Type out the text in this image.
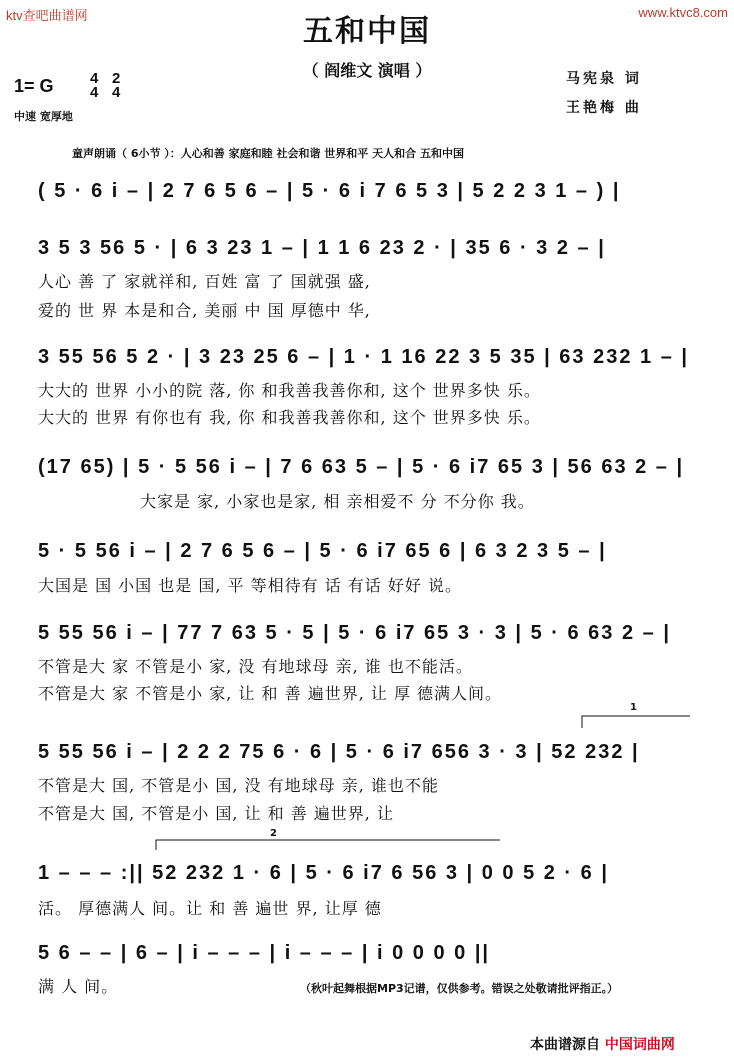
ktv查吧曲谱网	www.ktvc8.com
五和中国
（ 阎维文 演唱 ）
1= G 4
4
2
4
中速 宽厚地
马宪泉 词
王艳梅 曲
童声朗诵（ 6小节 ）：人心和善 家庭和睦 社会和谐 世界和平 天人和合 五和中国
( 5 · 6 i – | 2 7 6 5 6 – | 5 · 6 i 7 6 5 3 | 5 2 2 3 1 – ) |
3 5 3 56 5 · | 6 3 23 1 – | 1 1 6 23 2 · | 35 6 · 3 2 – |
人心 善 了 家就祥和, 百姓 富 了 国就强 盛,
爱的 世 界 本是和合, 美丽 中 国 厚德中 华,
3 55 56 5 2 · | 3 23 25 6 – | 1 · 1 16 22 3 5 35 | 63 232 1 – |
大大的 世界 小小的院 落, 你 和我善我善你和, 这个 世界多快 乐。
大大的 世界 有你也有 我, 你 和我善我善你和, 这个 世界多快 乐。
(17 65) | 5 · 5 56 i – | 7 6 63 5 – | 5 · 6 i7 65 3 | 56 63 2 – |
大家是 家, 小家也是家, 相 亲相爱不 分 不分你 我。
5 · 5 56 i – | 2 7 6 5 6 – | 5 · 6 i7 65 6 | 6 3 2 3 5 – |
大国是 国 小国 也是 国, 平 等相待有 话 有话 好好 说。
5 55 56 i – | 77 7 63 5 · 5 | 5 · 6 i7 65 3 · 3 | 5 · 6 63 2 – |
不管是大 家 不管是小 家, 没 有地球母 亲, 谁 也不能活。
不管是大 家 不管是小 家, 让 和 善 遍世界, 让 厚 德满人间。
5 55 56 i – | 2 2 2 75 6 · 6 | 5 · 6 i7 656 3 · 3 | 52 232 |
不管是大 国, 不管是小 国, 没 有地球母 亲, 谁也不能
不管是大 国, 不管是小 国, 让 和 善 遍世界, 让
1 – – – :|| 52 232 1 · 6 | 5 · 6 i7 6 56 3 | 0 0 5 2 · 6 |
活。 厚德满人 间。让 和 善 遍世 界, 让厚 德
5 6 – – | 6 – | i – – – | i – – – | i 0 0 0 0 ||
满 人 间。	（秋叶起舞根据MP3记谱，仅供参考。错误之处敬请批评指正。）
1
2
本曲谱源自 中国词曲网
